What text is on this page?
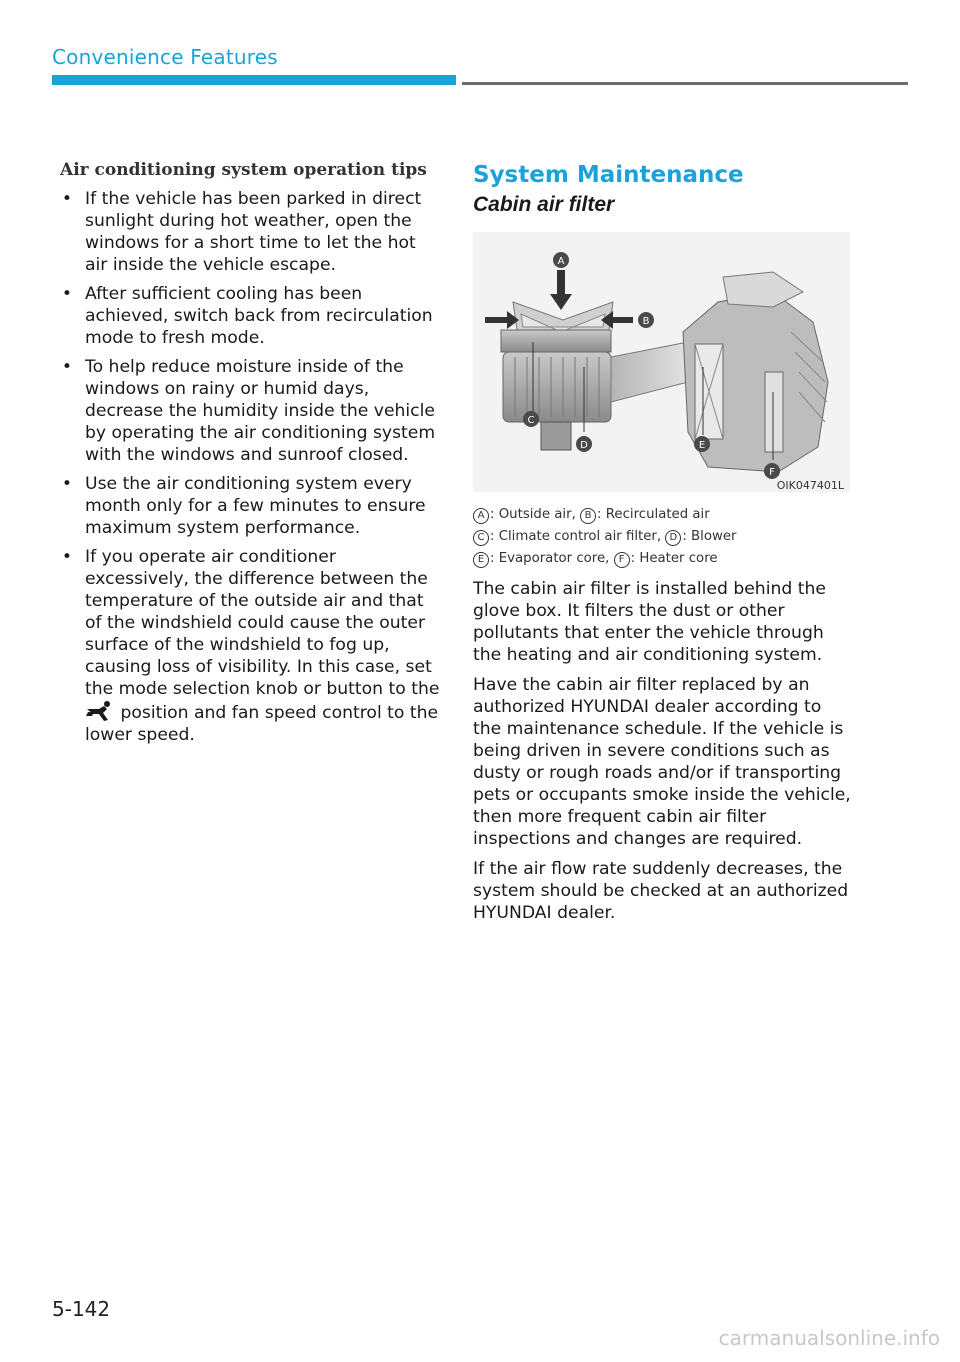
Convenience Features
Air conditioning system operation tips
• If the vehicle has been parked in direct sunlight during hot weather, open the windows for a short time to let the hot air inside the vehicle escape.
• After sufficient cooling has been achieved, switch back from recirculation mode to fresh mode.
• To help reduce moisture inside of the windows on rainy or humid days, decrease the humidity inside the vehicle by operating the air conditioning system with the windows and sunroof closed.
• Use the air conditioning system every month only for a few minutes to ensure maximum system performance.
• If you operate air conditioner excessively, the difference between the temperature of the outside air and that of the windshield could cause the outer surface of the windshield to fog up, causing loss of visibility. In this case, set the mode selection knob or button to the  position and fan speed control to the lower speed.
System Maintenance
Cabin air filter
A
B
C
D	E
F
OIK047401L
A : Outside air, B : Recirculated air
C : Climate control air filter, D : Blower
E : Evaporator core, F : Heater core

The cabin air filter is installed behind the glove box. It filters the dust or other pollutants that enter the vehicle through the heating and air conditioning system.

Have the cabin air filter replaced by an authorized HYUNDAI dealer according to the maintenance schedule. If the vehicle is being driven in severe conditions such as dusty or rough roads and/or if transporting pets or occupants smoke inside the vehicle, then more frequent cabin air filter inspections and changes are required.

If the air flow rate suddenly decreases, the system should be checked at an authorized HYUNDAI dealer.

5-142
carmanualsonline.info
